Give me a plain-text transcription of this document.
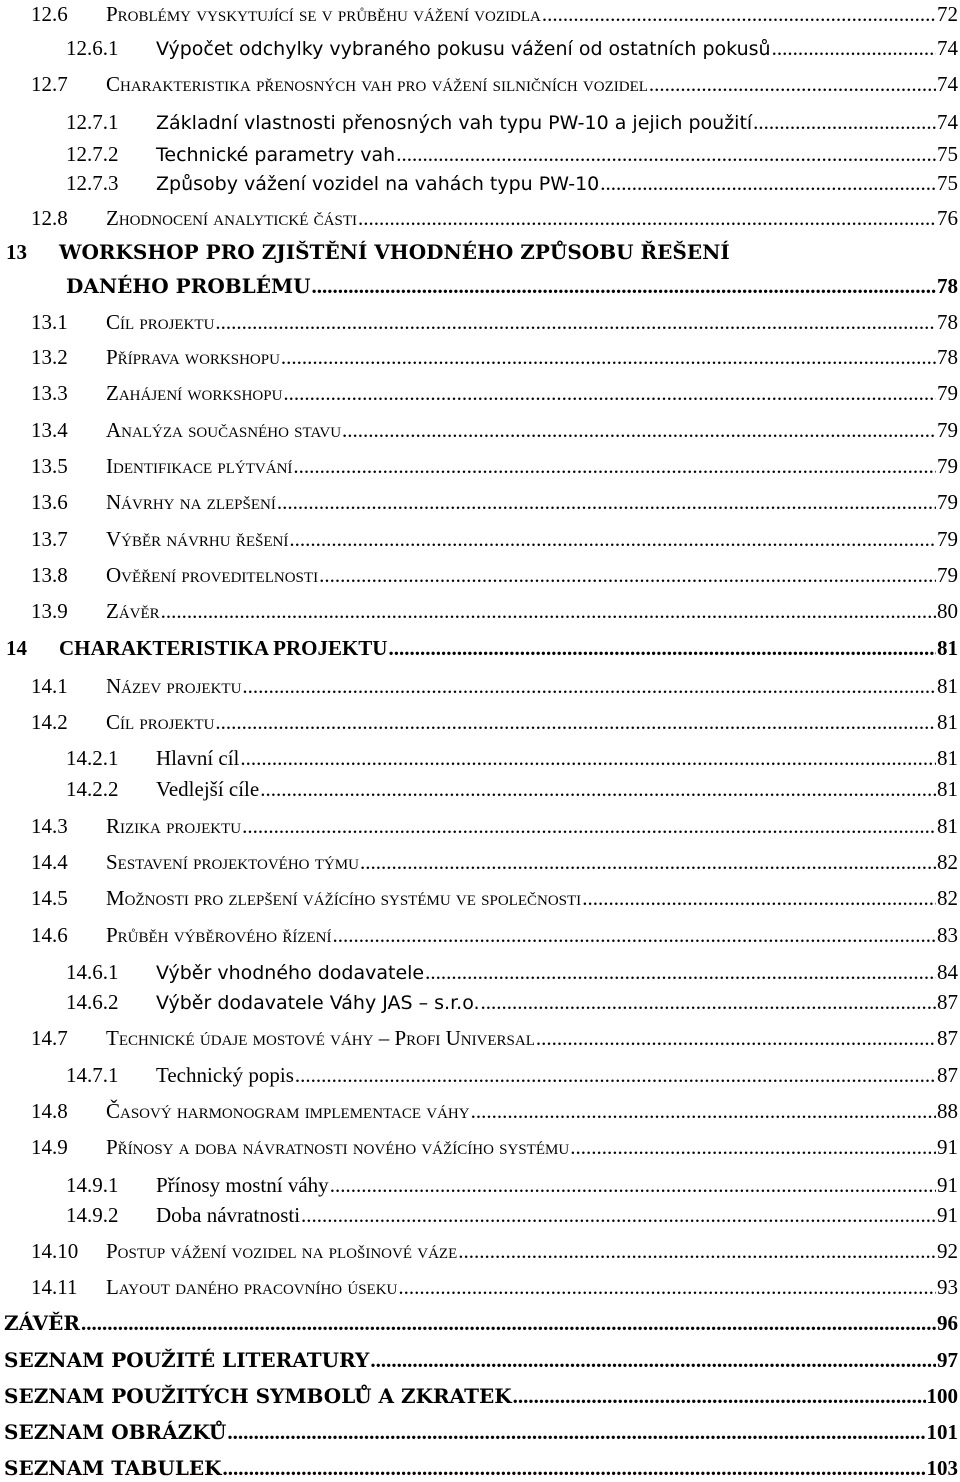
12.6	Problémy vyskytující se v průběhu vážení vozidla .....	72
12.6.1	Výpočet odchylky vybraného pokusu vážení od ostatních pokusů .....	74
12.7	Charakteristika přenosných vah pro vážení silničních vozidel .....	74
12.7.1	Základní vlastnosti přenosných vah typu PW-10 a jejich použití .....	74
12.7.2	Technické parametry vah .....	75
12.7.3	Způsoby vážení vozidel na vahách typu PW-10 .....	75
12.8	Zhodnocení analytické části .....	76
13 WORKSHOP PRO ZJIŠTĚNÍ VHODNÉHO ZPŮSOBU ŘEŠENÍ
DANÉHO PROBLÉMU .....	78
13.1	Cíl projektu .....	78
13.2	Příprava workshopu .....	78
13.3	Zahájení workshopu .....	79
13.4	Analýza současného stavu .....	79
13.5	Identifikace plýtvání .....	79
13.6	Návrhy na zlepšení .....	79
13.7	Výběr návrhu řešení .....	79
13.8	Ověření proveditelnosti .....	79
13.9	Závěr .....	80
14	CHARAKTERISTIKA PROJEKTU .....	81
14.1	Název projektu .....	81
14.2	Cíl projektu .....	81
14.2.1	Hlavní cíl .....	81
14.2.2	Vedlejší cíle .....	81
14.3	Rizika projektu .....	81
14.4	Sestavení projektového týmu .....	82
14.5	Možnosti pro zlepšení vážícího systému ve společnosti .....	82
14.6	Průběh výběrového řízení .....	83
14.6.1	Výběr vhodného dodavatele .....	84
14.6.2	Výběr dodavatele Váhy JAS – s.r.o. .....	87
14.7	Technické údaje mostové váhy – Profi Universal .....	87
14.7.1	Technický popis .....	87
14.8	Časový harmonogram implementace váhy .....	88
14.9	Přínosy a doba návratnosti nového vážícího systému .....	91
14.9.1	Přínosy mostní váhy .....	91
14.9.2	Doba návratnosti .....	91
14.10	Postup vážení vozidel na plošinové váze .....	92
14.11	Layout daného pracovního úseku .....	93
ZÁVĚR .....	96
SEZNAM POUŽITÉ LITERATURY .....	97
SEZNAM POUŽITÝCH SYMBOLŮ A ZKRATEK .....	100
SEZNAM OBRÁZKŮ .....	101
SEZNAM TABULEK .....	103
